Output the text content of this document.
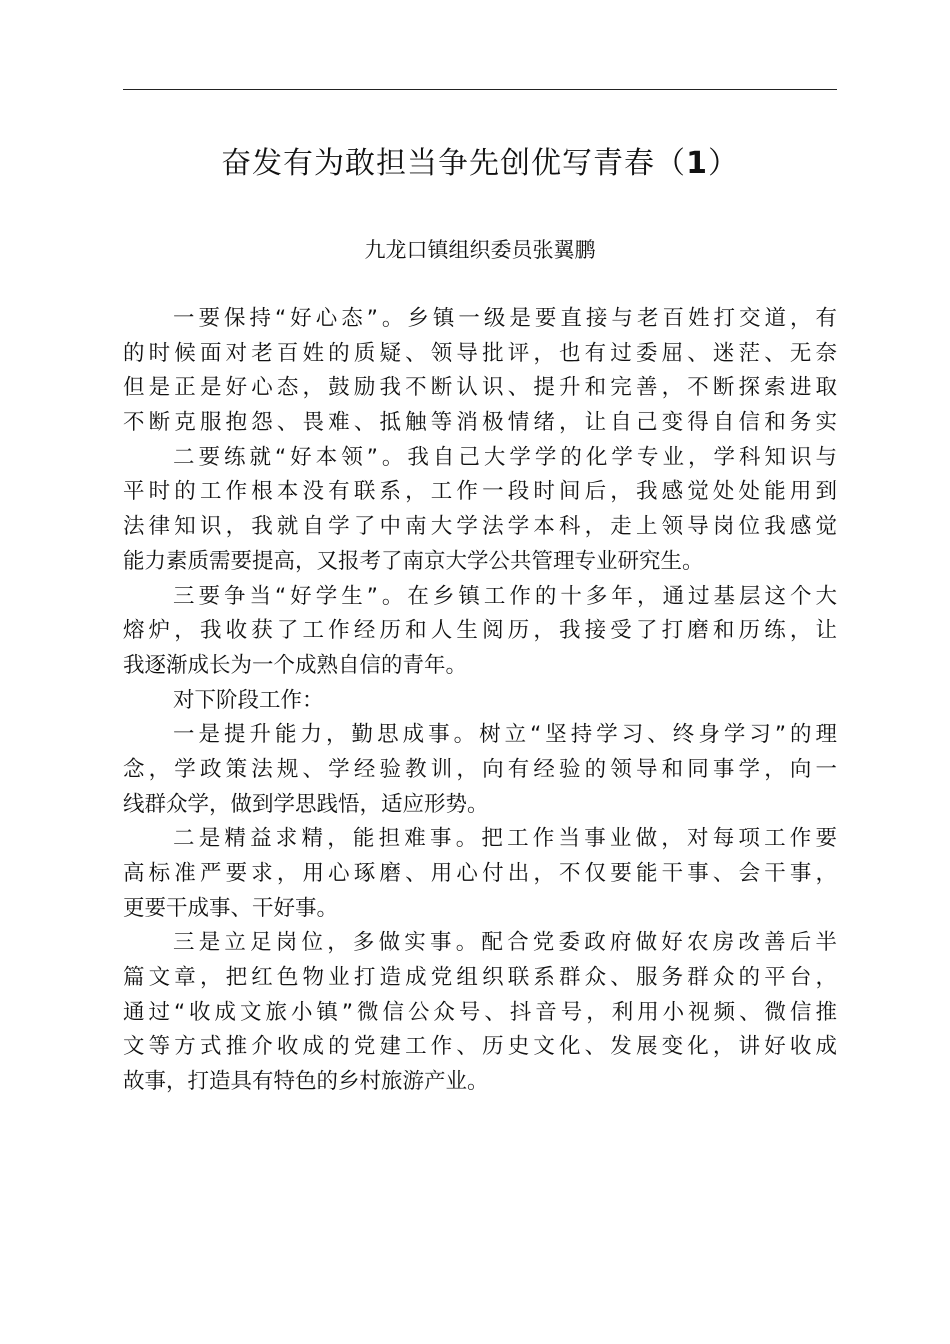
奋发有为敢担当争先创优写青春（1）
九龙口镇组织委员张翼鹏
一要保持“好心态”。乡镇一级是要直接与老百姓打交道，有
的时候面对老百姓的质疑、领导批评，也有过委屈、迷茫、无奈
但是正是好心态，鼓励我不断认识、提升和完善，不断探索进取
不断克服抱怨、畏难、抵触等消极情绪，让自己变得自信和务实
二要练就“好本领”。我自己大学学的化学专业，学科知识与
平时的工作根本没有联系，工作一段时间后，我感觉处处能用到
法律知识，我就自学了中南大学法学本科，走上领导岗位我感觉
能力素质需要提高，又报考了南京大学公共管理专业研究生。
三要争当“好学生”。在乡镇工作的十多年，通过基层这个大
熔炉，我收获了工作经历和人生阅历，我接受了打磨和历练，让
我逐渐成长为一个成熟自信的青年。
对下阶段工作：
一是提升能力，勤思成事。树立“坚持学习、终身学习”的理
念，学政策法规、学经验教训，向有经验的领导和同事学，向一
线群众学，做到学思践悟，适应形势。
二是精益求精，能担难事。把工作当事业做，对每项工作要
高标准严要求，用心琢磨、用心付出，不仅要能干事、会干事，
更要干成事、干好事。
三是立足岗位，多做实事。配合党委政府做好农房改善后半
篇文章，把红色物业打造成党组织联系群众、服务群众的平台，
通过“收成文旅小镇”微信公众号、抖音号，利用小视频、微信推
文等方式推介收成的党建工作、历史文化、发展变化，讲好收成
故事，打造具有特色的乡村旅游产业。
